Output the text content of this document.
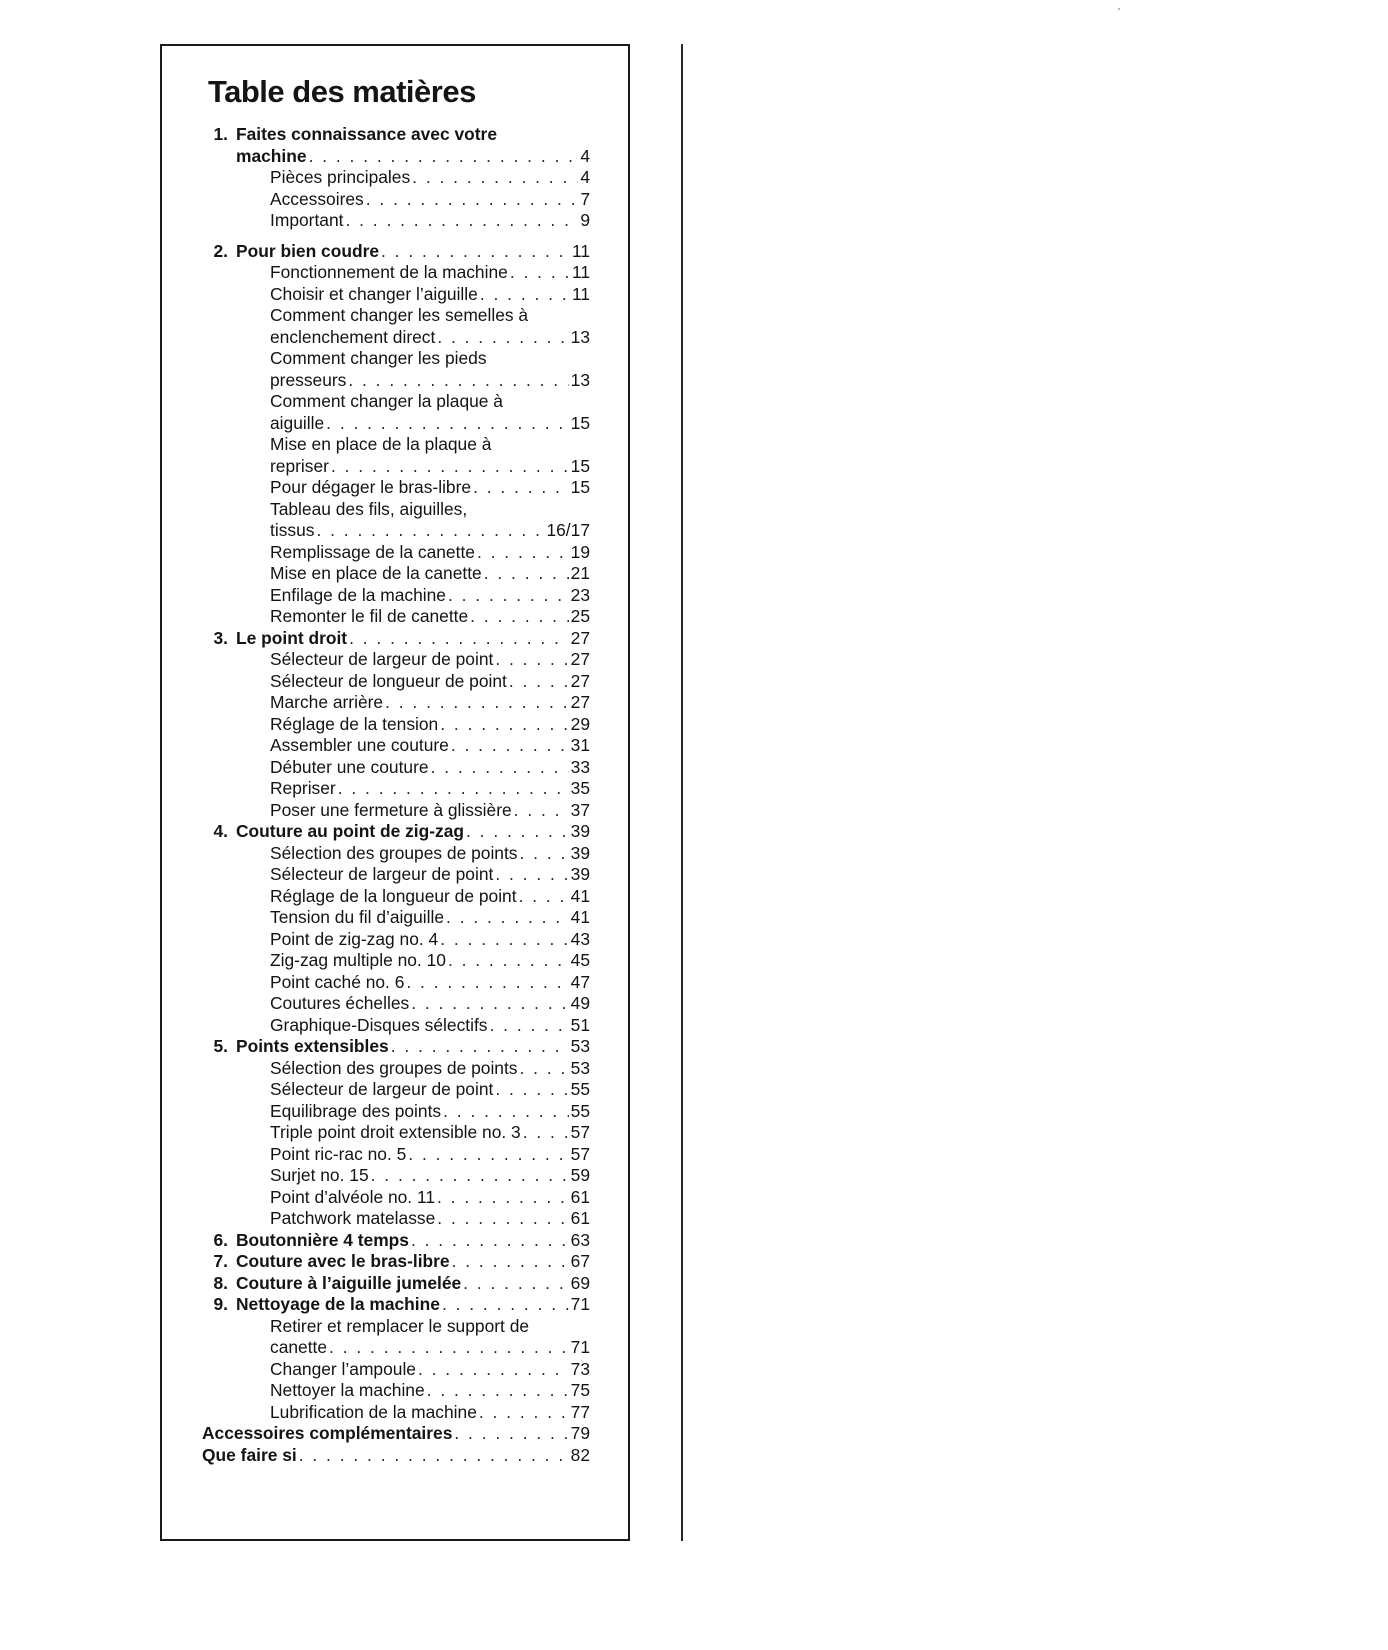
Table des matières
1. Faites connaissance avec votre
machine . . .	4
Pièces principales . . .	4
Accessoires . . .	7
Important . . .	9
2. Pour bien coudre . . .	11
Fonctionnement de la machine . . .	11
Choisir et changer l’aiguille . . .	11
Comment changer les semelles à
enclenchement direct . . .	13
Comment changer les pieds
presseurs . . .	13
Comment changer la plaque à
aiguille . . .	15
Mise en place de la plaque à
repriser . . .	15
Pour dégager le bras-libre . . .	15
Tableau des fils, aiguilles,
tissus . . .	16/17
Remplissage de la canette . . .	19
Mise en place de la canette . . .	21
Enfilage de la machine . . .	23
Remonter le fil de canette . . .	25
3. Le point droit . . .	27
Sélecteur de largeur de point . . .	27
Sélecteur de longueur de point . . .	27
Marche arrière . . .	27
Réglage de la tension . . .	29
Assembler une couture . . .	31
Débuter une couture . . .	33
Repriser . . .	35
Poser une fermeture à glissière . . .	37
4. Couture au point de zig-zag . . .	39
Sélection des groupes de points . . .	39
Sélecteur de largeur de point . . .	39
Réglage de la longueur de point . . .	41
Tension du fil d’aiguille . . .	41
Point de zig-zag no. 4 . . .	43
Zig-zag multiple no. 10 . . .	45
Point caché no. 6 . . .	47
Coutures échelles . . .	49
Graphique-Disques sélectifs . . .	51
5. Points extensibles . . .	53
Sélection des groupes de points . . .	53
Sélecteur de largeur de point . . .	55
Equilibrage des points . . .	55
Triple point droit extensible no. 3 . . .	57
Point ric-rac no. 5 . . .	57
Surjet no. 15 . . .	59
Point d’alvéole no. 11 . . .	61
Patchwork matelasse . . .	61
6. Boutonnière 4 temps . . .	63
7. Couture avec le bras-libre . . .	67
8. Couture à l’aiguille jumelée . . .	69
9. Nettoyage de la machine . . .	71
Retirer et remplacer le support de
canette . . .	71
Changer l’ampoule . . .	73
Nettoyer la machine . . .	75
Lubrification de la machine . . .	77
Accessoires complémentaires . . .	79
Que faire si . . .	82
